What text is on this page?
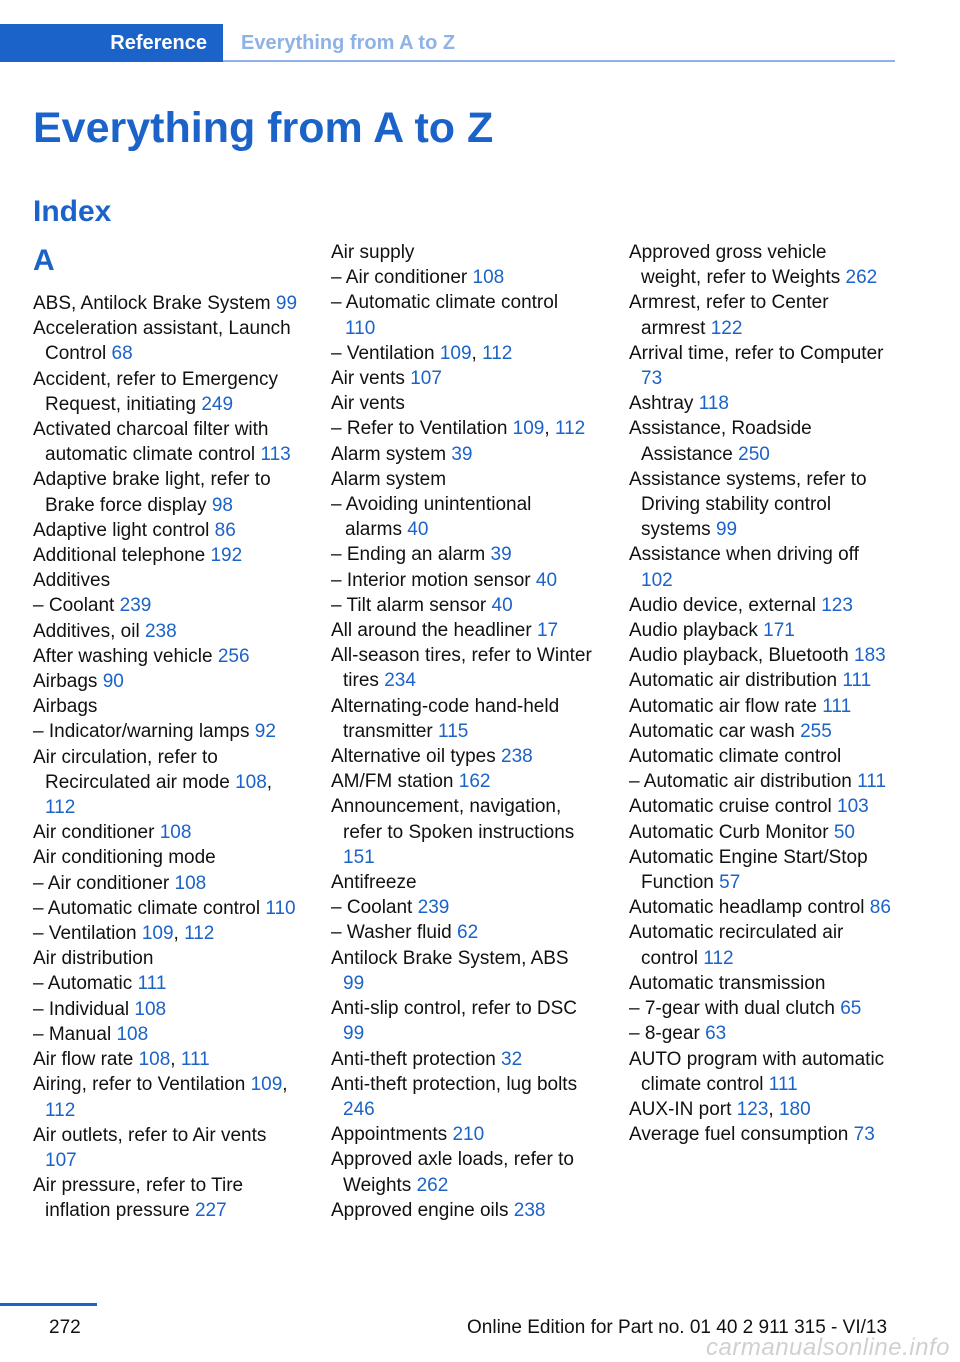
Reference	Everything from A to Z
Everything from A to Z
Index
A
ABS, Antilock Brake System 99
Acceleration assistant, Launch Control 68
Accident, refer to Emergency Request, initiating 249
Activated charcoal filter with automatic climate control 113
Adaptive brake light, refer to Brake force display 98
Adaptive light control 86
Additional telephone 192
Additives
– Coolant 239
Additives, oil 238
After washing vehicle 256
Airbags 90
Airbags
– Indicator/warning lamps 92
Air circulation, refer to Recirculated air mode 108, 112
Air conditioner 108
Air conditioning mode
– Air conditioner 108
– Automatic climate control 110
– Ventilation 109, 112
Air distribution
– Automatic 111
– Individual 108
– Manual 108
Air flow rate 108, 111
Airing, refer to Ventilation 109, 112
Air outlets, refer to Air vents 107
Air pressure, refer to Tire inflation pressure 227
Air supply
– Air conditioner 108
– Automatic climate control 110
– Ventilation 109, 112
Air vents 107
Air vents
– Refer to Ventilation 109, 112
Alarm system 39
Alarm system
– Avoiding unintentional alarms 40
– Ending an alarm 39
– Interior motion sensor 40
– Tilt alarm sensor 40
All around the headliner 17
All-season tires, refer to Winter tires 234
Alternating-code hand-held transmitter 115
Alternative oil types 238
AM/FM station 162
Announcement, navigation, refer to Spoken instructions 151
Antifreeze
– Coolant 239
– Washer fluid 62
Antilock Brake System, ABS 99
Anti-slip control, refer to DSC 99
Anti-theft protection 32
Anti-theft protection, lug bolts 246
Appointments 210
Approved axle loads, refer to Weights 262
Approved engine oils 238
Approved gross vehicle weight, refer to Weights 262
Armrest, refer to Center armrest 122
Arrival time, refer to Computer 73
Ashtray 118
Assistance, Roadside Assistance 250
Assistance systems, refer to Driving stability control systems 99
Assistance when driving off 102
Audio device, external 123
Audio playback 171
Audio playback, Bluetooth 183
Automatic air distribution 111
Automatic air flow rate 111
Automatic car wash 255
Automatic climate control
– Automatic air distribution 111
Automatic cruise control 103
Automatic Curb Monitor 50
Automatic Engine Start/Stop Function 57
Automatic headlamp control 86
Automatic recirculated air control 112
Automatic transmission
– 7-gear with dual clutch 65
– 8-gear 63
AUTO program with automatic climate control 111
AUX-IN port 123, 180
Average fuel consumption 73
272	Online Edition for Part no. 01 40 2 911 315 - VI/13
carmanualsonline.info
